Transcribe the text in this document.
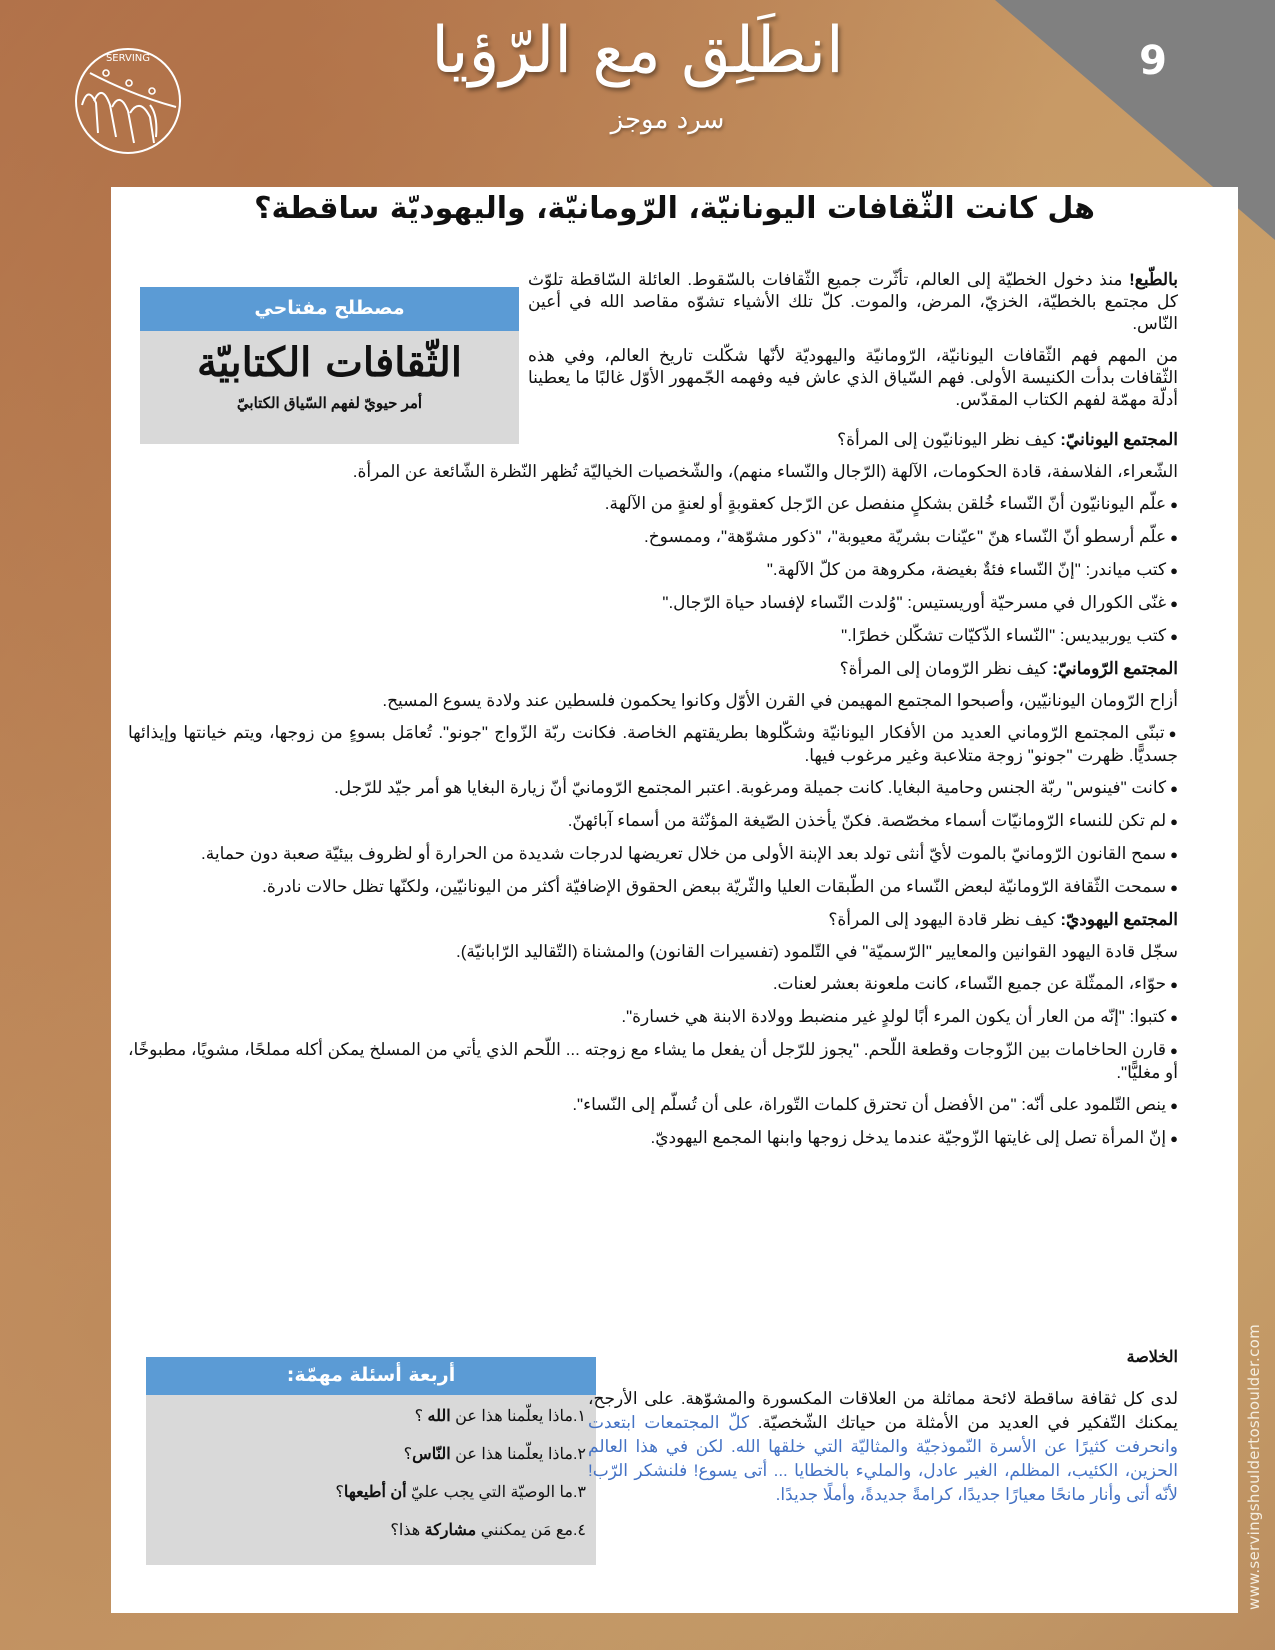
9
SERVING	انطَلِق مع الرّؤيا
سرد موجز
هل كانت الثّقافات اليونانيّة، الرّومانيّة، واليهوديّة ساقطة؟
مصطلح مفتاحي
الثّقافات الكتابيّة
أمر حيويّ لفهم السّياق الكتابيّ

بالطّبع! منذ دخول الخطيّة إلى العالم، تأثّرت جميع الثّقافات بالسّقوط. العائلة السّاقطة تلوّث كل مجتمع بالخطيّة، الخزيّ، المرض، والموت. كلّ تلك الأشياء تشوّه مقاصد الله في أعين النّاس.

من المهم فهم الثّقافات اليونانيّة، الرّومانيّة واليهوديّة لأنّها شكّلت تاريخ العالم، وفي هذه الثّقافات بدأت الكنيسة الأولى. فهم السّياق الذي عاش فيه وفهمه الجّمهور الأوّل غالبًا ما يعطينا أدلّة مهمّة لفهم الكتاب المقدّس.

المجتمع اليونانيّ: كيف نظر اليونانيّون إلى المرأة؟
الشّعراء، الفلاسفة، قادة الحكومات، الآلهة (الرّجال والنّساء منهم)، والشّخصيات الخياليّة تُظهر النّظرة الشّائعة عن المرأة.
● علّم اليونانيّون أنّ النّساء خُلقن بشكلٍ منفصل عن الرّجل كعقوبةٍ أو لعنةٍ من الآلهة.
● علّم أرسطو أنّ النّساء هنّ "عيّنات بشريّة معيوبة"، "ذكور مشوّهة"، وممسوخ.
● كتب مياندر: "إنّ النّساء فئةٌ بغيضة، مكروهة من كلّ الآلهة."
● غنّى الكورال في مسرحيّة أوريستيس: "وُلدت النّساء لإفساد حياة الرّجال."
● كتب يوربيديس: "النّساء الذّكيّات تشكّلن خطرًا."
المجتمع الرّومانيّ: كيف نظر الرّومان إلى المرأة؟
أزاح الرّومان اليونانيّين، وأصبحوا المجتمع المهيمن في القرن الأوّل وكانوا يحكمون فلسطين عند ولادة يسوع المسيح.
● تبنّى المجتمع الرّوماني العديد من الأفكار اليونانيّة وشكّلوها بطريقتهم الخاصة. فكانت ربّة الزّواج "جونو". تُعامَل بسوءٍ من زوجها، ويتم خيانتها وإيذائها جسديًّا. ظهرت "جونو" زوجة متلاعبة وغير مرغوب فيها.
● كانت "فينوس" ربّة الجنس وحامية البغايا. كانت جميلة ومرغوبة. اعتبر المجتمع الرّومانيّ أنّ زيارة البغايا هو أمر جيّد للرّجل.
● لم تكن للنساء الرّومانيّات أسماء مخصّصة. فكنّ يأخذن الصّيغة المؤنّثة من أسماء آبائهنّ.
● سمح القانون الرّومانيّ بالموت لأيّ أنثى تولد بعد الإبنة الأولى من خلال تعريضها لدرجات شديدة من الحرارة أو لظروف بيئيّة صعبة دون حماية.
● سمحت الثّقافة الرّومانيّة لبعض النّساء من الطّبقات العليا والثّريّة ببعض الحقوق الإضافيّة أكثر من اليونانيّين، ولكنّها تظل حالات نادرة.
المجتمع اليهوديّ: كيف نظر قادة اليهود إلى المرأة؟
سجّل قادة اليهود القوانين والمعايير "الرّسميّة" في التّلمود (تفسيرات القانون) والمشناة (التّقاليد الرّابانيّة).
● حوّاء، الممثّلة عن جميع النّساء، كانت ملعونة بعشر لعنات.
● كتبوا: "إنّه من العار أن يكون المرء أبًا لولدٍ غير منضبط وولادة الابنة هي خسارة".
● قارن الحاخامات بين الزّوجات وقطعة اللّحم. "يجوز للرّجل أن يفعل ما يشاء مع زوجته ... اللّحم الذي يأتي من المسلخ يمكن أكله مملحًا، مشويًا، مطبوخًا، أو مغليًّا".
● ينص التّلمود على أنّه: "من الأفضل أن تحترق كلمات التّوراة، على أن تُسلّم إلى النّساء".
● إنّ المرأة تصل إلى غايتها الزّوجيّة عندما يدخل زوجها وابنها المجمع اليهوديّ.
أربعة أسئلة مهمّة:
١.ماذا يعلّمنا هذا عن الله ؟
٢.ماذا يعلّمنا هذا عن النّاس؟
٣.ما الوصيّة التي يجب عليّ أن أطيعها؟
٤.مع مَن يمكنني مشاركة هذا؟
الخلاصة
لدى كل ثقافة ساقطة لائحة مماثلة من العلاقات المكسورة والمشوّهة. على الأرجح، يمكنك التّفكير في العديد من الأمثلة من حياتك الشّخصيّة. كلّ المجتمعات ابتعدت وانحرفت كثيرًا عن الأسرة النّموذجيّة والمثاليّة التي خلقها الله. لكن في هذا العالم الحزين، الكئيب، المظلم، الغير عادل، والمليء بالخطايا ... أتى يسوع! فلنشكر الرّب! لأنّه أتى وأنار مانحًا معيارًا جديدًا، كرامةً جديدةً، وأملًا جديدًا.	www.servingshouldertoshoulder.com
